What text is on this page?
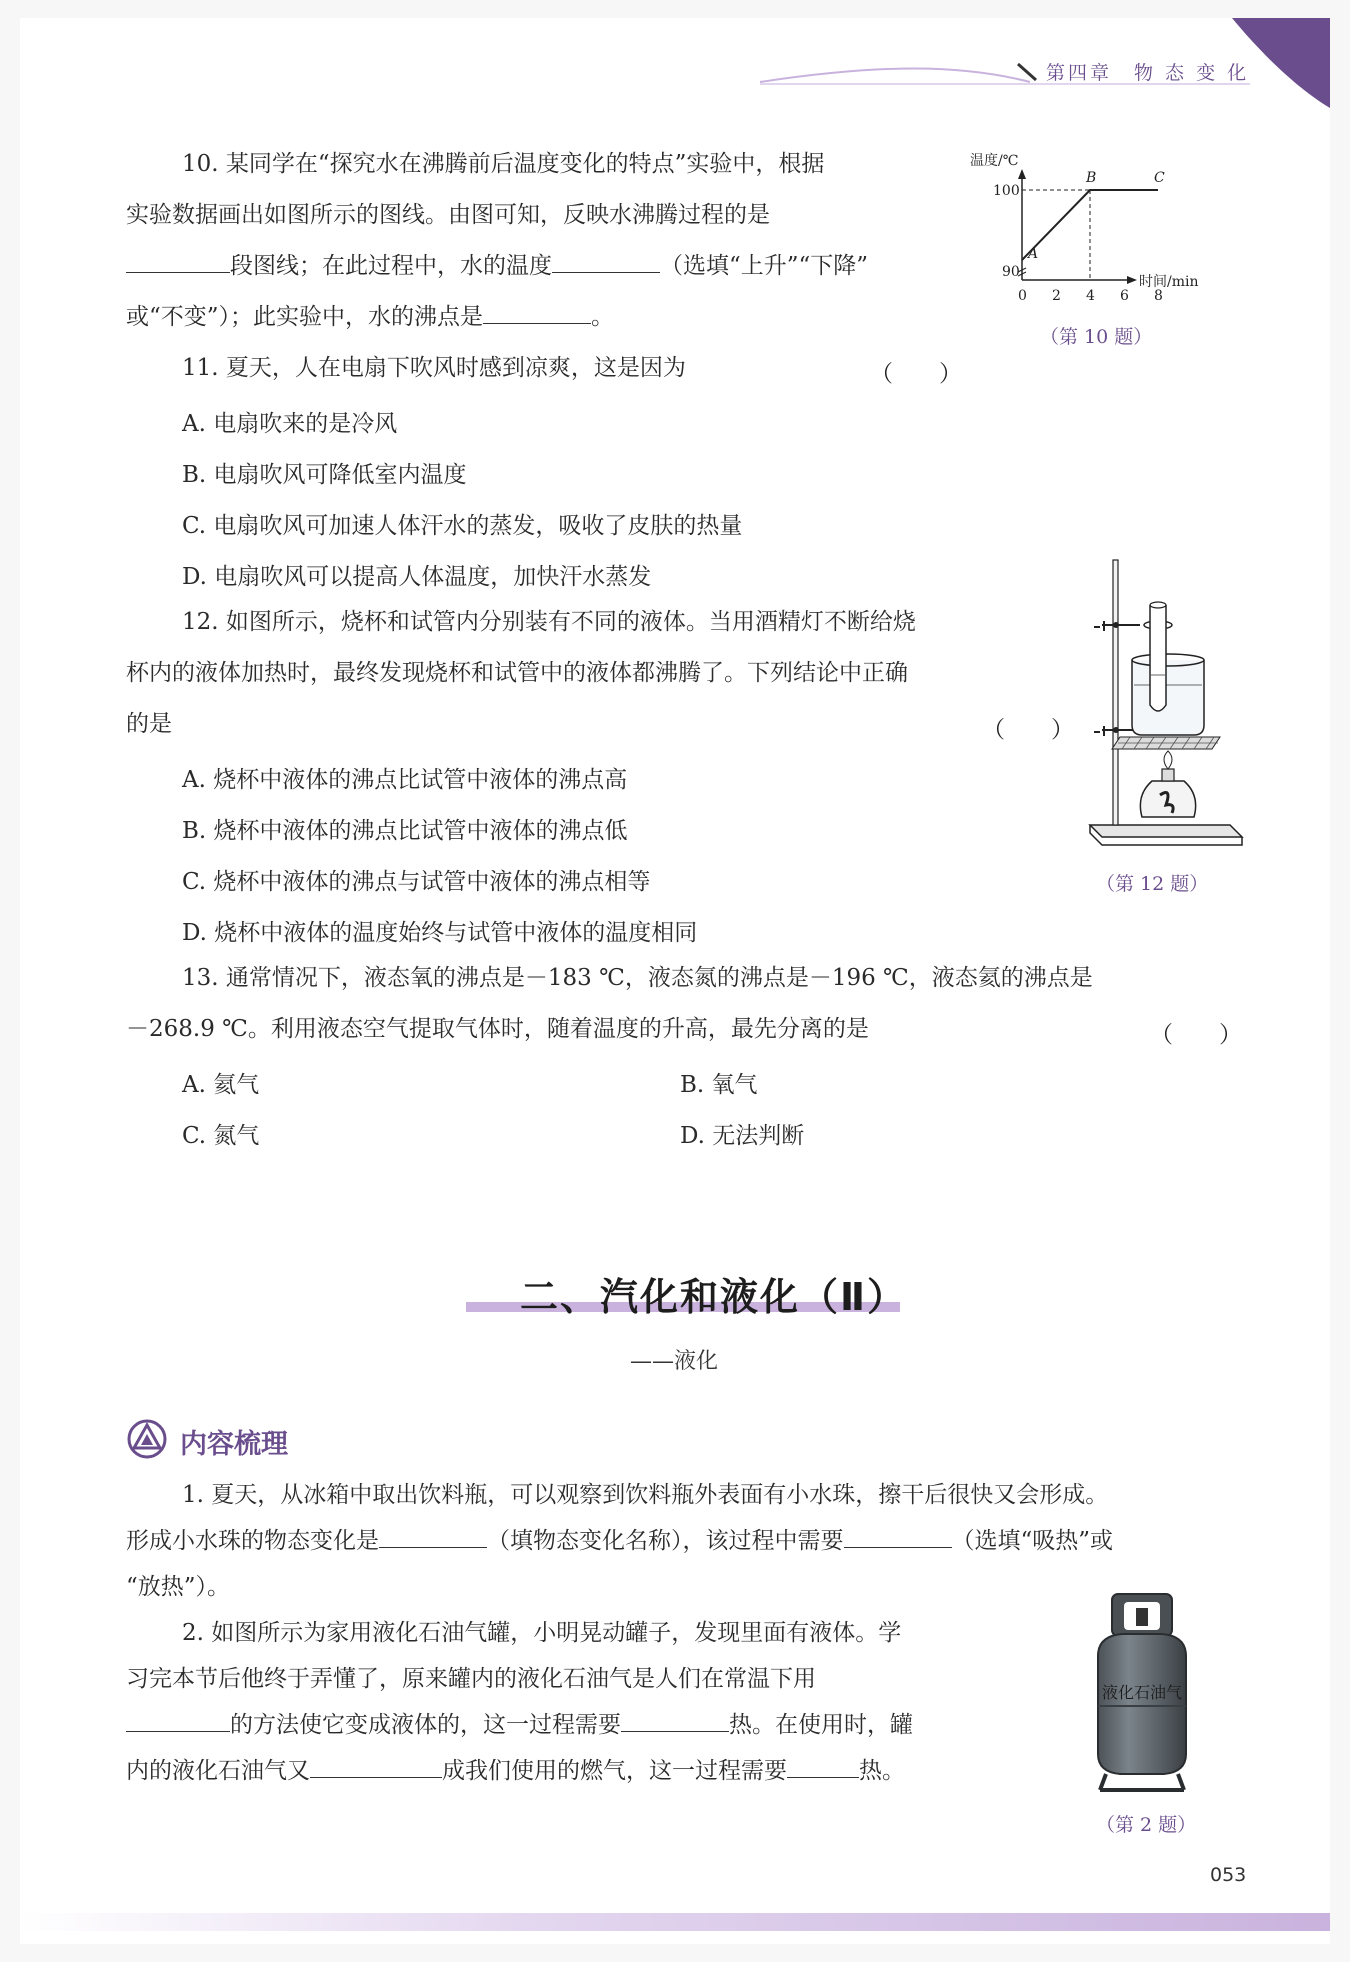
第四章　物 态 变 化
10. 某同学在“探究水在沸腾前后温度变化的特点”实验中，根据
实验数据画出如图所示的图线。由图可知，反映水沸腾过程的是
段图线；在此过程中，水的温度	（选填“上升”“下降”
或“不变”）；此实验中，水的沸点是	。
温度/℃
时间/min
0 2 4 6 8
90
100
A
B	C
（第 10 题）
11. 夏天，人在电扇下吹风时感到凉爽，这是因为	（　　）
A. 电扇吹来的是冷风
B. 电扇吹风可降低室内温度
C. 电扇吹风可加速人体汗水的蒸发，吸收了皮肤的热量
D. 电扇吹风可以提高人体温度，加快汗水蒸发
12. 如图所示，烧杯和试管内分别装有不同的液体。当用酒精灯不断给烧
杯内的液体加热时，最终发现烧杯和试管中的液体都沸腾了。下列结论中正确
的是	（　　）
A. 烧杯中液体的沸点比试管中液体的沸点高
B. 烧杯中液体的沸点比试管中液体的沸点低
C. 烧杯中液体的沸点与试管中液体的沸点相等
D. 烧杯中液体的温度始终与试管中液体的温度相同
（第 12 题）
13. 通常情况下，液态氧的沸点是－183 ℃，液态氮的沸点是－196 ℃，液态氦的沸点是
－268.9 ℃。利用液态空气提取气体时，随着温度的升高，最先分离的是	（　　）
A. 氦气	B. 氧气
C. 氮气	D. 无法判断
二、汽化和液化（Ⅱ）
——液化
内容梳理
1. 夏天，从冰箱中取出饮料瓶，可以观察到饮料瓶外表面有小水珠，擦干后很快又会形成。
形成小水珠的物态变化是	（填物态变化名称），该过程中需要	（选填“吸热”或
“放热”）。
2. 如图所示为家用液化石油气罐，小明晃动罐子，发现里面有液体。学
习完本节后他终于弄懂了，原来罐内的液化石油气是人们在常温下用
的方法使它变成液体的，这一过程需要	热。在使用时，罐
内的液化石油气又	成我们使用的燃气，这一过程需要	热。
液化石油气
（第 2 题）
053
